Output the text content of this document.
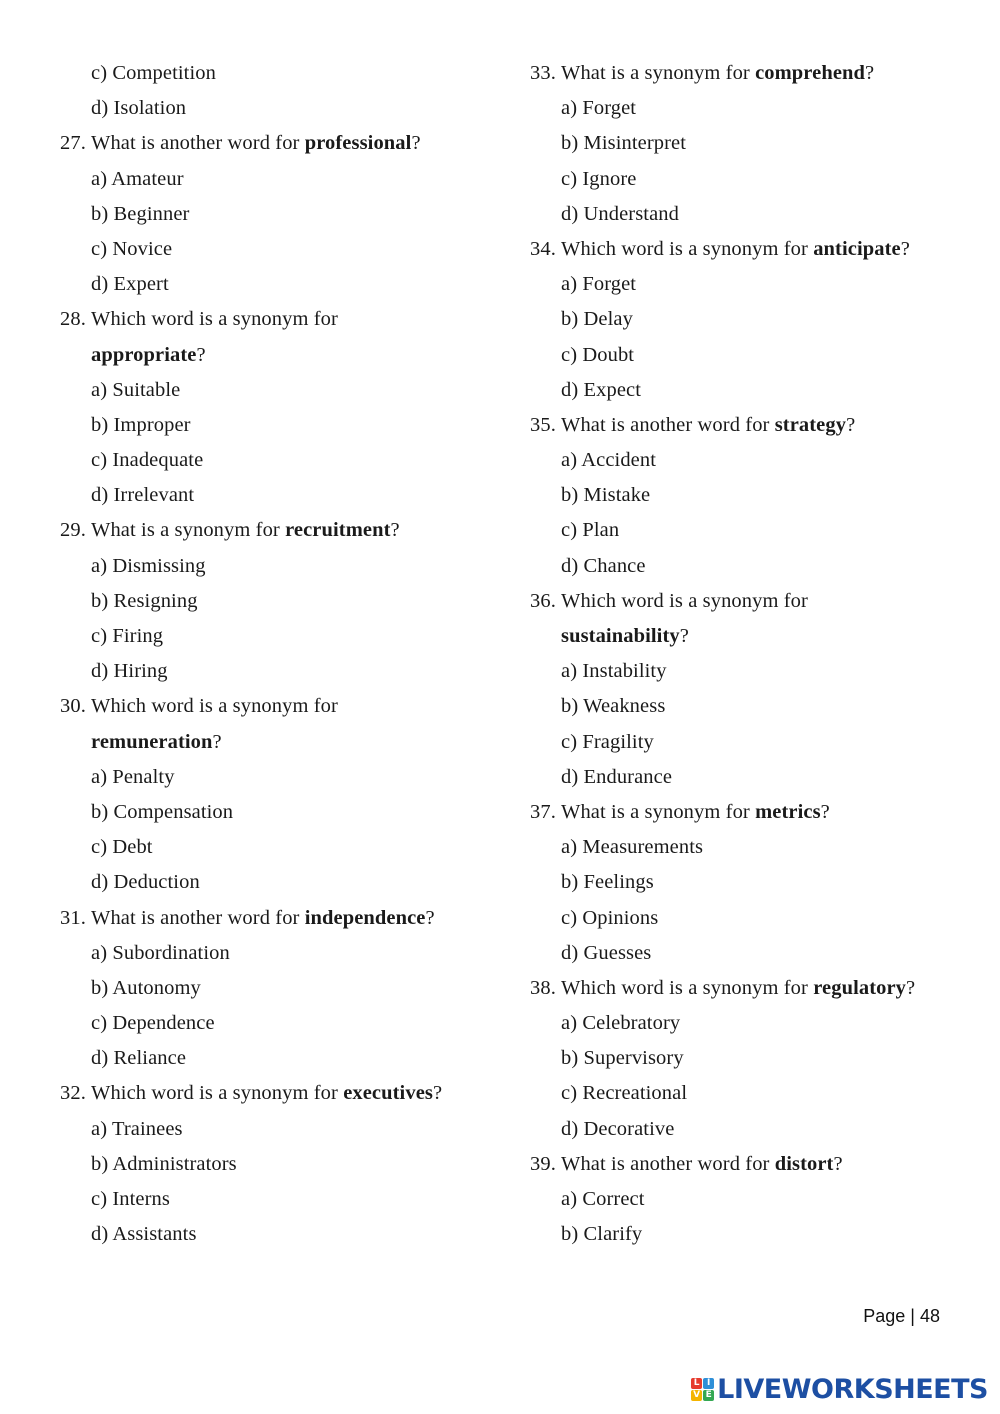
c) Competition
d) Isolation
27. What is another word for professional?
a) Amateur
b) Beginner
c) Novice
d) Expert
28. Which word is a synonym for
appropriate?
a) Suitable
b) Improper
c) Inadequate
d) Irrelevant
29. What is a synonym for recruitment?
a) Dismissing
b) Resigning
c) Firing
d) Hiring
30. Which word is a synonym for
remuneration?
a) Penalty
b) Compensation
c) Debt
d) Deduction
31. What is another word for independence?
a) Subordination
b) Autonomy
c) Dependence
d) Reliance
32. Which word is a synonym for executives?
a) Trainees
b) Administrators
c) Interns
d) Assistants
33. What is a synonym for comprehend?
a) Forget
b) Misinterpret
c) Ignore
d) Understand
34. Which word is a synonym for anticipate?
a) Forget
b) Delay
c) Doubt
d) Expect
35. What is another word for strategy?
a) Accident
b) Mistake
c) Plan
d) Chance
36. Which word is a synonym for
sustainability?
a) Instability
b) Weakness
c) Fragility
d) Endurance
37. What is a synonym for metrics?
a) Measurements
b) Feelings
c) Opinions
d) Guesses
38. Which word is a synonym for regulatory?
a) Celebratory
b) Supervisory
c) Recreational
d) Decorative
39. What is another word for distort?
a) Correct
b) Clarify
Page | 48
L I
V E LIVEWORKSHEETS
